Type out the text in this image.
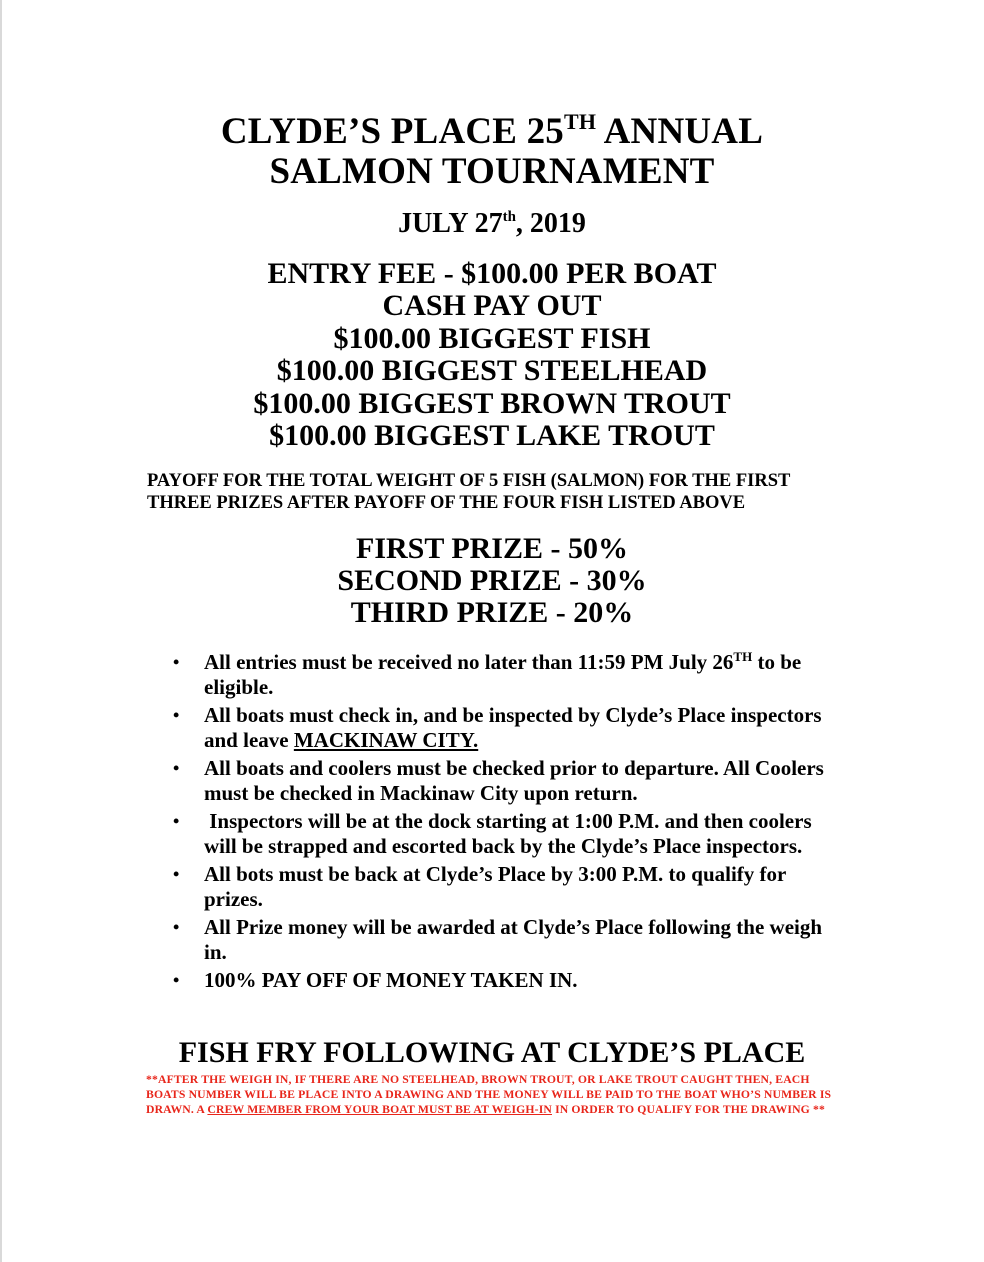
CLYDE’S PLACE 25TH ANNUAL
SALMON TOURNAMENT
JULY 27th, 2019
ENTRY FEE - $100.00 PER BOAT
CASH PAY OUT
$100.00 BIGGEST FISH
$100.00 BIGGEST STEELHEAD
$100.00 BIGGEST BROWN TROUT
$100.00 BIGGEST LAKE TROUT
PAYOFF FOR THE TOTAL WEIGHT OF 5 FISH (SALMON) FOR THE FIRST
THREE PRIZES AFTER PAYOFF OF THE FOUR FISH LISTED ABOVE
FIRST PRIZE - 50%
SECOND PRIZE - 30%
THIRD PRIZE - 20%
• All entries must be received no later than 11:59 PM July 26TH to be eligible.
• All boats must check in, and be inspected by Clyde’s Place inspectors and leave MACKINAW CITY.
• All boats and coolers must be checked prior to departure. All Coolers must be checked in Mackinaw City upon return.
• Inspectors will be at the dock starting at 1:00 P.M. and then coolers will be strapped and escorted back by the Clyde’s Place inspectors.
• All bots must be back at Clyde’s Place by 3:00 P.M. to qualify for prizes.
• All Prize money will be awarded at Clyde’s Place following the weigh in.
• 100% PAY OFF OF MONEY TAKEN IN.
FISH FRY FOLLOWING AT CLYDE’S PLACE
**AFTER THE WEIGH IN, IF THERE ARE NO STEELHEAD, BROWN TROUT, OR LAKE TROUT CAUGHT THEN, EACH BOATS NUMBER WILL BE PLACE INTO A DRAWING AND THE MONEY WILL BE PAID TO THE BOAT WHO’S NUMBER IS DRAWN. A CREW MEMBER FROM YOUR BOAT MUST BE AT WEIGH-IN IN ORDER TO QUALIFY FOR THE DRAWING **
